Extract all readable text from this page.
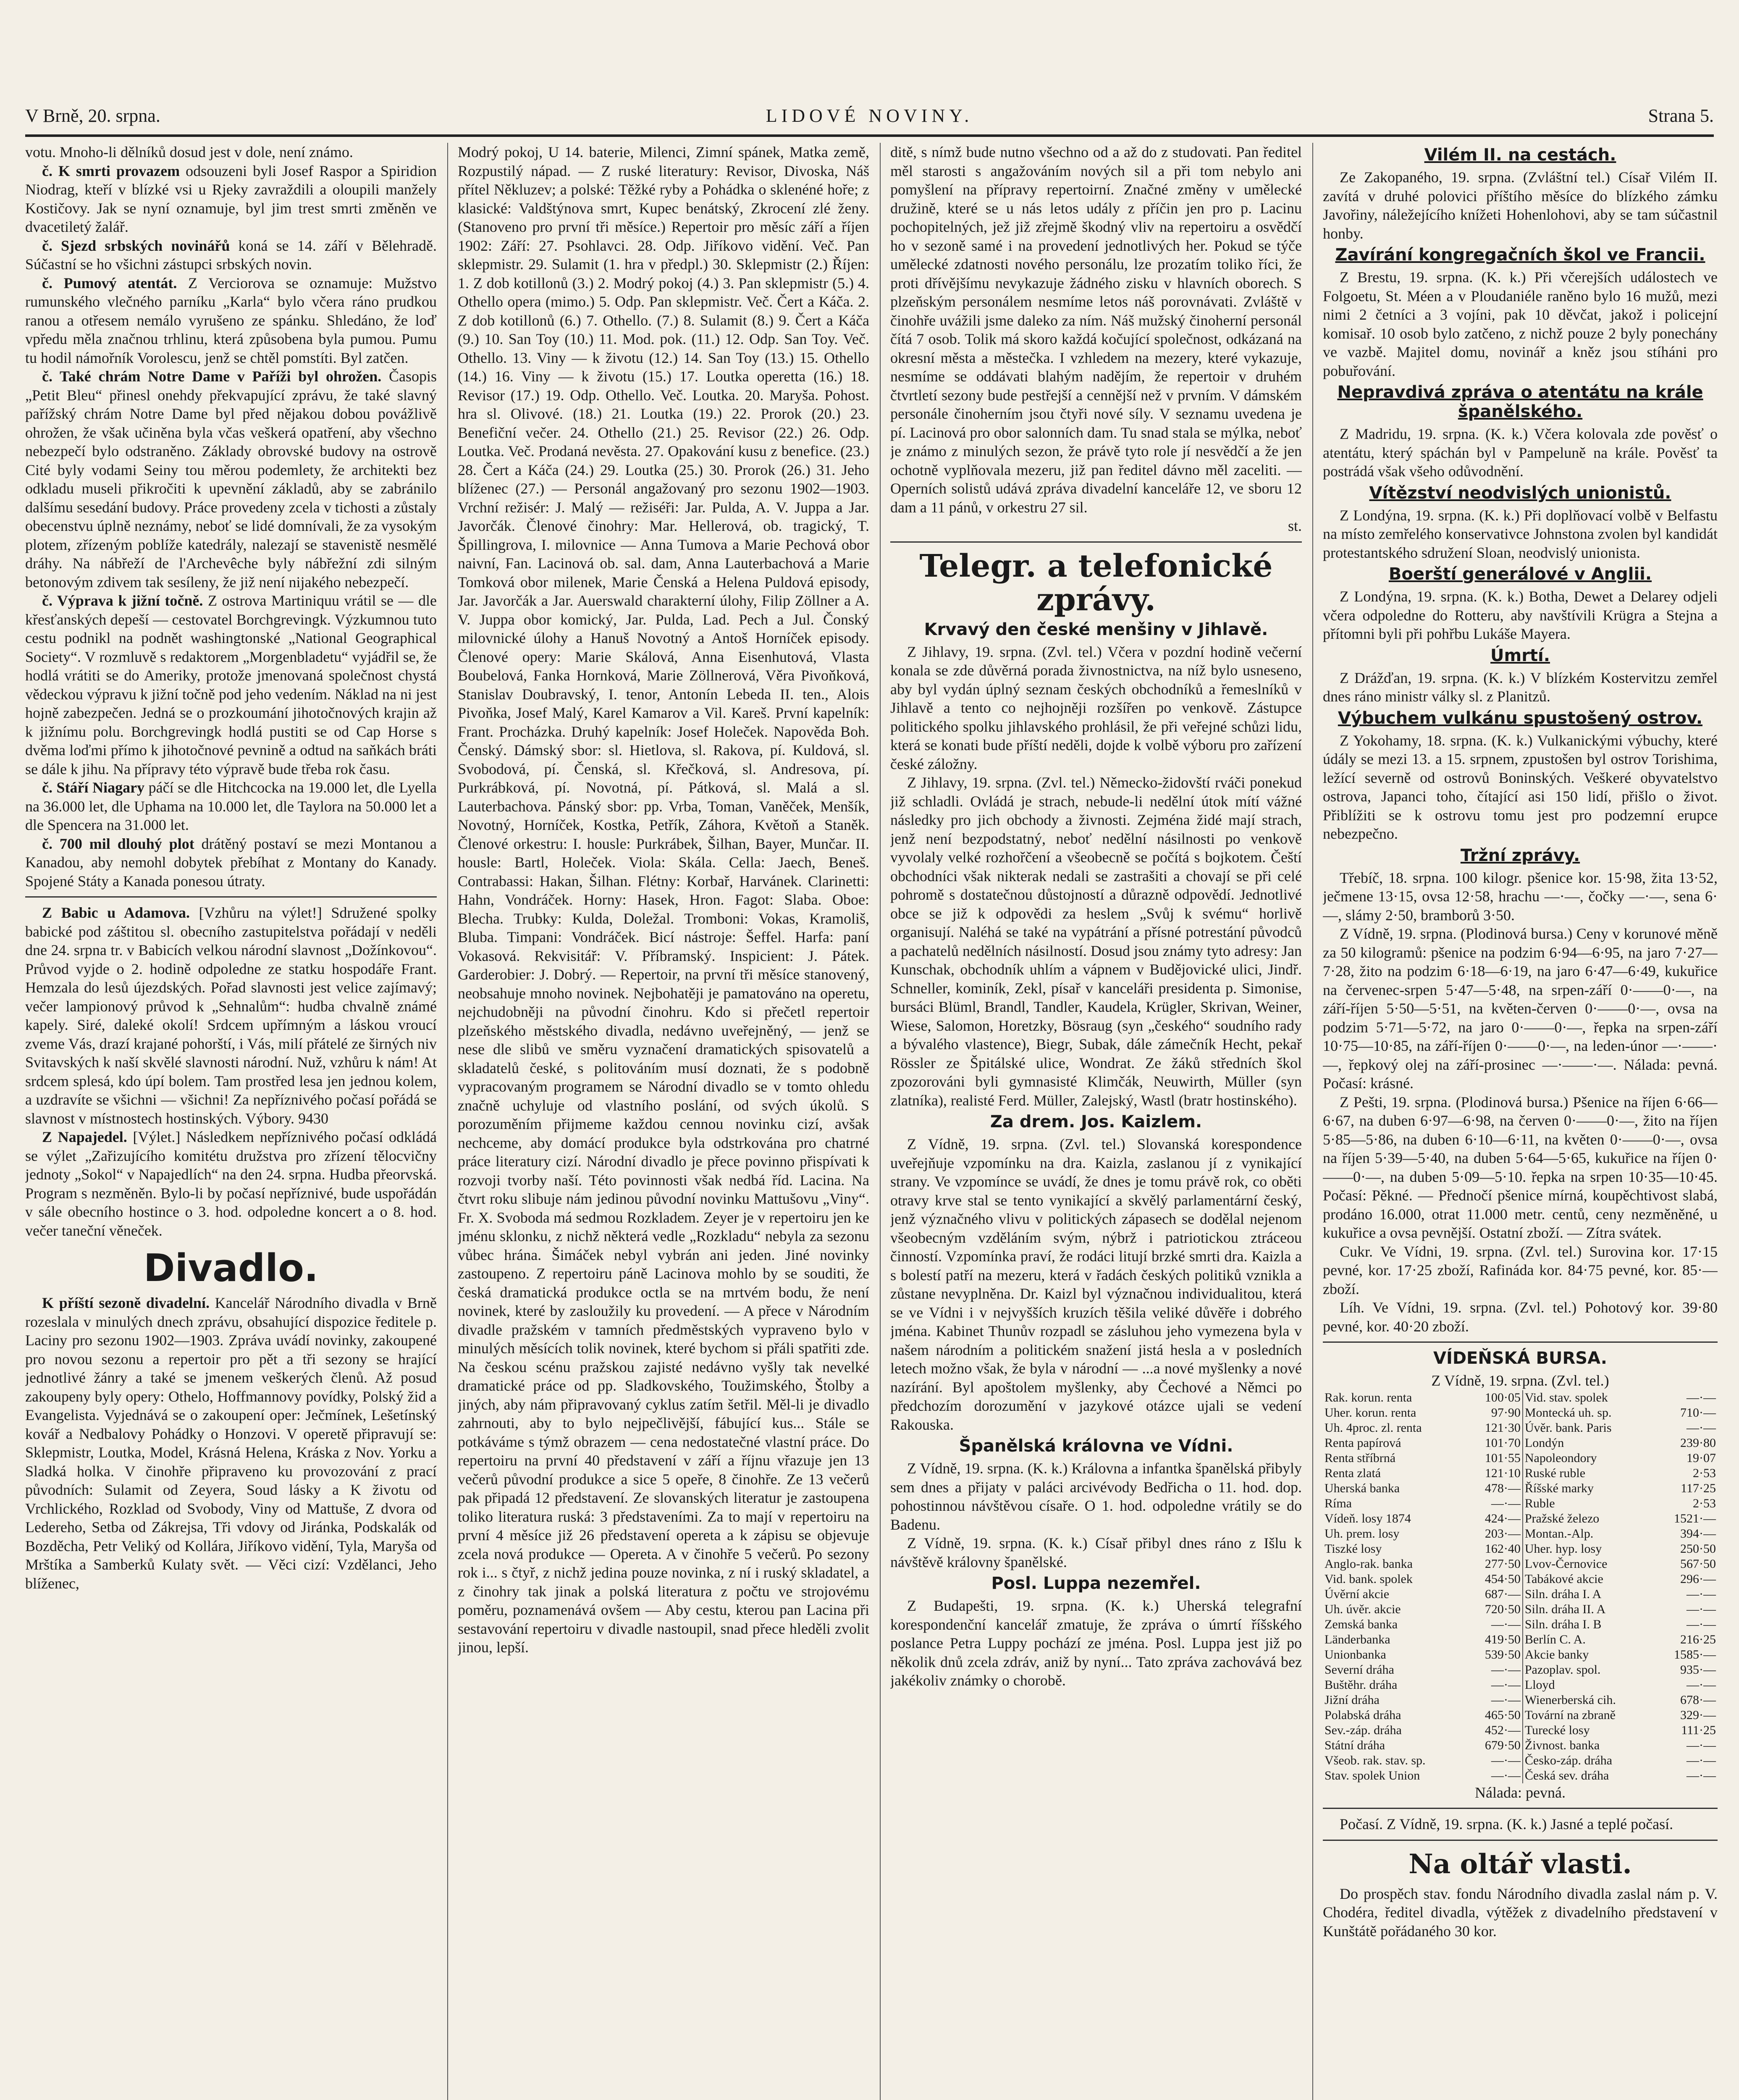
V Brně, 20. srpna.	LIDOVÉ NOVINY.	Strana 5.

votu. Mnoho-li dělníků dosud jest v dole, není známo.

č. K smrti provazem odsouzeni byli Josef Raspor a Spiridion Niodrag, kteří v blízké vsi u Rjeky zavraždili a oloupili manžely Kostičovy. Jak se nyní oznamuje, byl jim trest smrti změněn ve dvacetiletý žalář.

č. Sjezd srbských novinářů koná se 14. září v Bělehradě. Súčastní se ho všichni zástupci srbských novin.

č. Pumový atentát. Z Verciorova se oznamuje: Mužstvo rumunského vlečného parníku „Karla“ bylo včera ráno prudkou ranou a otřesem nemálo vyrušeno ze spánku. Shledáno, že loď vpředu měla značnou trhlinu, která způsobena byla pumou. Pumu tu hodil námořník Vorolescu, jenž se chtěl pomstíti. Byl zatčen.

č. Také chrám Notre Dame v Paříži byl ohrožen. Časopis „Petit Bleu“ přinesl onehdy překvapující zprávu, že také slavný pařížský chrám Notre Dame byl před nějakou dobou povážlivě ohrožen, že však učiněna byla včas veškerá opatření, aby všechno nebezpečí bylo odstraněno. Základy obrovské budovy na ostrově Cité byly vodami Seiny tou měrou podemlety, že architekti bez odkladu museli přikročiti k upevnění základů, aby se zabránilo dalšímu sesedání budovy. Práce provedeny zcela v tichosti a zůstaly obecenstvu úplně neznámy, neboť se lidé domnívali, že za vysokým plotem, zřízeným poblíže katedrály, nalezají se stavenistě nesmělé dráhy. Na nábřeží de l'Archevêche byly nábřežní zdi silným betonovým zdivem tak sesíleny, že již není nijakého nebezpečí.

č. Výprava k jižní točně. Z ostrova Martiniquu vrátil se — dle křesťanských depeší — cestovatel Borchgrevingk. Výzkumnou tuto cestu podnikl na podnět washingtonské „National Geographical Society“. V rozmluvě s redaktorem „Morgenbladetu“ vyjádřil se, že hodlá vrátiti se do Ameriky, protože jmenovaná společnost chystá vědeckou výpravu k jižní točně pod jeho vedením. Náklad na ni jest hojně zabezpečen. Jedná se o prozkoumání jihotočnových krajin až k jižnímu polu. Borchgrevingk hodlá pustiti se od Cap Horse s dvěma loďmi přímo k jihotočnové pevnině a odtud na saňkách bráti se dále k jihu. Na přípravy této výpravě bude třeba rok času.

č. Stáří Niagary páčí se dle Hitchcocka na 19.000 let, dle Lyella na 36.000 let, dle Uphama na 10.000 let, dle Taylora na 50.000 let a dle Spencera na 31.000 let.

č. 700 mil dlouhý plot drátěný postaví se mezi Montanou a Kanadou, aby nemohl dobytek přebíhat z Montany do Kanady. Spojené Státy a Kanada ponesou útraty.

Z Babic u Adamova. [Vzhůru na výlet!] Sdružené spolky babické pod záštitou sl. obecního zastupitelstva pořádají v neděli dne 24. srpna tr. v Babicích velkou národní slavnost „Dožínkovou“. Průvod vyjde o 2. hodině odpoledne ze statku hospodáře Frant. Hemzala do lesů újezdských. Pořad slavnosti jest velice zajímavý; večer lampionový průvod k „Sehnalům“: hudba chvalně známé kapely. Siré, daleké okolí! Srdcem upřímným a láskou vroucí zveme Vás, drazí krajané pohorští, i Vás, milí přátelé ze širných niv Svitavských k naší skvělé slavnosti národní. Nuž, vzhůru k nám! At srdcem splesá, kdo úpí bolem. Tam prostřed lesa jen jednou kolem, a uzdravíte se všichni — všichni! Za nepříznivého počasí pořádá se slavnost v místnostech hostinských. Výbory. 9430

Z Napajedel. [Výlet.] Následkem nepříznivého počasí odkládá se výlet „Zařizujícího komitétu družstva pro zřízení tělocvičny jednoty „Sokol“ v Napajedlích“ na den 24. srpna. Hudba přeorvská. Program s nezměněn. Bylo-li by počasí nepříznivé, bude uspořádán v sále obecního hostince o 3. hod. odpoledne koncert a o 8. hod. večer taneční věneček.

Divadlo.

K příští sezoně divadelní. Kancelář Národního divadla v Brně rozeslala v minulých dnech zprávu, obsahující dispozice ředitele p. Laciny pro sezonu 1902—1903. Zpráva uvádí novinky, zakoupené pro novou sezonu a repertoir pro pět a tři sezony se hrající jednotlivé žánry a také se jmenem veškerých členů. Až posud zakoupeny byly opery: Othelo, Hoffmannovy povídky, Polský žid a Evangelista. Vyjednává se o zakoupení oper: Ječmínek, Lešetínský kovář a Nedbalovy Pohádky o Honzovi. V operetě připravují se: Sklepmistr, Loutka, Model, Krásná Helena, Kráska z Nov. Yorku a Sladká holka. V činohře připraveno ku provozování z prací původních: Sulamit od Zeyera, Soud lásky a K životu od Vrchlického, Rozklad od Svobody, Viny od Mattuše, Z dvora od Ledereho, Setba od Zákrejsa, Tři vdovy od Jiránka, Podskalák od Bozděcha, Petr Veliký od Kollára, Jiříkovo vidění, Tyla, Maryša od Mrštíka a Samberků Kulaty svět. — Věci cizí: Vzdělanci, Jeho blíženec,

Modrý pokoj, U 14. baterie, Milenci, Zimní spánek, Matka země, Rozpustilý nápad. — Z ruské literatury: Revisor, Divoska, Náš přítel Někluzev; a polské: Těžké ryby a Pohádka o sklenéné hoře; z klasické: Valdštýnova smrt, Kupec benátský, Zkrocení zlé ženy. (Stanoveno pro první tři měsíce.) Repertoir pro měsíc září a říjen 1902: Září: 27. Psohlavci. 28. Odp. Jiříkovo vidění. Več. Pan sklepmistr. 29. Sulamit (1. hra v předpl.) 30. Sklepmistr (2.) Říjen: 1. Z dob kotillonů (3.) 2. Modrý pokoj (4.) 3. Pan sklepmistr (5.) 4. Othello opera (mimo.) 5. Odp. Pan sklepmistr. Več. Čert a Káča. 2. Z dob kotillonů (6.) 7. Othello. (7.) 8. Sulamit (8.) 9. Čert a Káča (9.) 10. San Toy (10.) 11. Mod. pok. (11.) 12. Odp. San Toy. Več. Othello. 13. Viny — k životu (12.) 14. San Toy (13.) 15. Othello (14.) 16. Viny — k životu (15.) 17. Loutka operetta (16.) 18. Revisor (17.) 19. Odp. Othello. Več. Loutka. 20. Maryša. Pohost. hra sl. Olivové. (18.) 21. Loutka (19.) 22. Prorok (20.) 23. Benefiční večer. 24. Othello (21.) 25. Revisor (22.) 26. Odp. Loutka. Več. Prodaná nevěsta. 27. Opakování kusu z benefice. (23.) 28. Čert a Káča (24.) 29. Loutka (25.) 30. Prorok (26.) 31. Jeho blíženec (27.) — Personál angažovaný pro sezonu 1902—1903. Vrchní režisér: J. Malý — režiséři: Jar. Pulda, A. V. Juppa a Jar. Javorčák. Členové činohry: Mar. Hellerová, ob. tragický, T. Špillingrova, I. milovnice — Anna Tumova a Marie Pechová obor naivní, Fan. Lacinová ob. sal. dam, Anna Lauterbachová a Marie Tomková obor milenek, Marie Čenská a Helena Puldová episody, Jar. Javorčák a Jar. Auerswald charakterní úlohy, Filip Zöllner a A. V. Juppa obor komický, Jar. Pulda, Lad. Pech a Jul. Čonský milovnické úlohy a Hanuš Novotný a Antoš Horníček episody. Členové opery: Marie Skálová, Anna Eisenhutová, Vlasta Boubelová, Fanka Hornková, Marie Zöllnerová, Věra Pivoňková, Stanislav Doubravský, I. tenor, Antonín Lebeda II. ten., Alois Pivoňka, Josef Malý, Karel Kamarov a Vil. Kareš. První kapelník: Frant. Procházka. Druhý kapelník: Josef Holeček. Napověda Boh. Čenský. Dámský sbor: sl. Hietlova, sl. Rakova, pí. Kuldová, sl. Svobodová, pí. Čenská, sl. Křečková, sl. Andresova, pí. Purkrábková, pí. Novotná, pí. Pátková, sl. Malá a sl. Lauterbachova. Pánský sbor: pp. Vrba, Toman, Vaněček, Menšík, Novotný, Horníček, Kostka, Petřík, Záhora, Květoň a Staněk. Členové orkestru: I. housle: Purkrábek, Šilhan, Bayer, Munčar. II. housle: Bartl, Holeček. Viola: Skála. Cella: Jaech, Beneš. Contrabassi: Hakan, Šilhan. Flétny: Korbař, Harvánek. Clarinetti: Hahn, Vondráček. Horny: Hasek, Hron. Fagot: Slaba. Oboe: Blecha. Trubky: Kulda, Doležal. Tromboni: Vokas, Kramoliš, Bluba. Timpani: Vondráček. Bicí nástroje: Šeffel. Harfa: paní Vokasová. Rekvisitář: V. Příbramský. Inspicient: J. Pátek. Garderobier: J. Dobrý. — Repertoir, na první tři měsíce stanovený, neobsahuje mnoho novinek. Nejbohatěji je pamatováno na operetu, nejchudobněji na původní činohru. Kdo si přečetl repertoir plzeňského městského divadla, nedávno uveřejněný, — jenž se nese dle slibů ve směru vyznačení dramatických spisovatelů a skladatelů české, s politováním musí doznati, že s podobně vypracovaným programem se Národní divadlo se v tomto ohledu značně uchyluje od vlastního poslání, od svých úkolů. S porozuměním přijmeme každou cennou novinku cizí, avšak nechceme, aby domácí produkce byla odstrkována pro chatrné práce literatury cizí. Národní divadlo je přece povinno přispívati k rozvoji tvorby naší. Této povinnosti však nedbá říd. Lacina. Na čtvrt roku slibuje nám jedinou původní novinku Mattušovu „Viny“. Fr. X. Svoboda má sedmou Rozkladem. Zeyer je v repertoiru jen ke jménu sklonku, z nichž některá vedle „Rozkladu“ nebyla za sezonu vůbec hrána. Šimáček nebyl vybrán ani jeden. Jiné novinky zastoupeno. Z repertoiru páně Lacinova mohlo by se souditi, že česká dramatická produkce octla se na mrtvém bodu, že není novinek, které by zasloužily ku provedení. — A přece v Národním divadle pražském v tamních předměstských vypraveno bylo v minulých měsících tolik novinek, které bychom si přáli spatřiti zde. Na českou scénu pražskou zajisté nedávno vyšly tak nevelké dramatické práce od pp. Sladkovského, Toužimského, Štolby a jiných, aby nám připravovaný cyklus zatím šetřil. Měl-li je divadlo zahrnouti, aby to bylo nejpečlivější, fábující kus... Stále se potkáváme s týmž obrazem — cena nedostatečné vlastní práce. Do repertoiru na první 40 představení v září a říjnu vřazuje jen 13 večerů původní produkce a sice 5 opeře, 8 činohře. Ze 13 večerů pak připadá 12 představení. Ze slovanských literatur je zastoupena toliko literatura ruská: 3 představeními. Za to mají v repertoiru na první 4 měsíce již 26 představení opereta a k zápisu se objevuje zcela nová produkce — Opereta. A v činohře 5 večerů. Po sezony rok i... s čtyř, z nichž jedina pouze novinka, z ní i ruský skladatel, a z činohry tak jinak a polská literatura z počtu ve strojovému poměru, poznamenává ovšem — Aby cestu, kterou pan Lacina při sestavování repertoiru v divadle nastoupil, snad přece hleděli zvolit jinou, lepší.

ditě, s nímž bude nutno všechno od a až do z studovati. Pan ředitel měl starosti s angažováním nových sil a při tom nebylo ani pomyšlení na přípravy repertoirní. Značné změny v umělecké družině, které se u nás letos udály z příčin jen pro p. Lacinu pochopitelných, jež již zřejmě škodný vliv na repertoiru a osvědčí ho v sezoně samé i na provedení jednotlivých her. Pokud se týče umělecké zdatnosti nového personálu, lze prozatím toliko říci, že proti dřívějšímu nevykazuje žádného zisku v hlavních oborech. S plzeňským personálem nesmíme letos náš porovnávati. Zvláště v činohře uvážili jsme daleko za ním. Náš mužský činoherní personál čítá 7 osob. Tolik má skoro každá kočující společnost, odkázaná na okresní města a městečka. I vzhledem na mezery, které vykazuje, nesmíme se oddávati blahým nadějím, že repertoir v druhém čtvrtletí sezony bude pestřejší a cennější než v prvním. V dámském personále činoherním jsou čtyři nové síly. V seznamu uvedena je pí. Lacinová pro obor salonních dam. Tu snad stala se mýlka, neboť je známo z minulých sezon, že právě tyto role jí nesvědčí a že jen ochotně vyplňovala mezeru, již pan ředitel dávno měl zaceliti. — Operních solistů udává zpráva divadelní kanceláře 12, ve sboru 12 dam a 11 pánů, v orkestru 27 sil.

st.
Telegr. a telefonické zprávy.
Krvavý den české menšiny v Jihlavě.

Z Jihlavy, 19. srpna. (Zvl. tel.) Včera v pozdní hodině večerní konala se zde důvěrná porada živnostnictva, na níž bylo usneseno, aby byl vydán úplný seznam českých obchodníků a řemeslníků v Jihlavě a tento co nejhojněji rozšířen po venkově. Zástupce politického spolku jihlavského prohlásil, že při veřejné schůzi lidu, která se konati bude příští neděli, dojde k volbě výboru pro zařízení české záložny.

Z Jihlavy, 19. srpna. (Zvl. tel.) Německo-židovští rváči ponekud již schladli. Ovládá je strach, nebude-li nedělní útok mítí vážné následky pro jich obchody a živnosti. Zejména židé mají strach, jenž není bezpodstatný, neboť nedělní násilnosti po venkově vyvolaly velké rozhořčení a všeobecně se počítá s bojkotem. Čeští obchodníci však nikterak nedali se zastrašiti a chovají se při celé pohromě s dostatečnou důstojností a důrazně odpovědí. Jednotlivé obce se již k odpovědi za heslem „Svůj k svému“ horlivě organisují. Naléhá se také na vypátrání a přísné potrestání původců a pachatelů nedělních násilností. Dosud jsou známy tyto adresy: Jan Kunschak, obchodník uhlím a vápnem v Budějovické ulici, Jindř. Schneller, kominík, Zekl, písař v kanceláři presidenta p. Simonise, bursáci Blüml, Brandl, Tandler, Kaudela, Krügler, Skrivan, Weiner, Wiese, Salomon, Horetzky, Bösraug (syn „českého“ soudního rady a bývalého vlastence), Biegr, Subak, dále zámečník Hecht, pekař Rössler ze Špitálské ulice, Wondrat. Ze žáků středních škol zpozorováni byli gymnasisté Klimčák, Neuwirth, Müller (syn zlatníka), realisté Ferd. Müller, Zalejský, Wastl (bratr hostinského).

Za drem. Jos. Kaizlem.

Z Vídně, 19. srpna. (Zvl. tel.) Slovanská korespondence uveřejňuje vzpomínku na dra. Kaizla, zaslanou jí z vynikající strany. Ve vzpomínce se uvádí, že dnes je tomu právě rok, co oběti otravy krve stal se tento vynikající a skvělý parlamentární český, jenž význačného vlivu v politických zápasech se dodělal nejenom všeobecným vzděláním svým, nýbrž i patriotickou ztráceou činností. Vzpomínka praví, že rodáci litují brzké smrti dra. Kaizla a s bolestí patří na mezeru, která v řadách českých politiků vznikla a zůstane nevyplněna. Dr. Kaizl byl význačnou individualitou, která se ve Vídni i v nejvyšších kruzích těšila veliké důvěře i dobrého jména. Kabinet Thunův rozpadl se zásluhou jeho vymezena byla v našem národním a politickém snažení jistá hesla a v posledních letech možno však, že byla v národní — ...a nové myšlenky a nové nazírání. Byl apoštolem myšlenky, aby Čechové a Němci po předchozím dorozumění v jazykové otázce ujali se vedení Rakouska.

Španělská královna ve Vídni.

Z Vídně, 19. srpna. (K. k.) Královna a infantka španělská přibyly sem dnes a přijaty v paláci arcivévody Bedřicha o 11. hod. dop. pohostinnou návštěvou císaře. O 1. hod. odpoledne vrátily se do Badenu.

Z Vídně, 19. srpna. (K. k.) Císař přibyl dnes ráno z Išlu k návštěvě královny španělské.

Posl. Luppa nezemřel.

Z Budapešti, 19. srpna. (K. k.) Uherská telegrafní korespondenční kancelář zmatuje, že zpráva o úmrtí říšského poslance Petra Luppy pochází ze jména. Posl. Luppa jest již po několik dnů zcela zdráv, aniž by nyní... Tato zpráva zachovává bez jakékoliv známky o chorobě.

Vilém II. na cestách.

Ze Zakopaného, 19. srpna. (Zvláštní tel.) Císař Vilém II. zavítá v druhé polovici příštího měsíce do blízkého zámku Javořiny, náležejícího knížeti Hohenlohovi, aby se tam súčastnil honby.

Zavírání kongregačních škol ve Francii.

Z Brestu, 19. srpna. (K. k.) Při včerejších událostech ve Folgoetu, St. Méen a v Ploudaniéle raněno bylo 16 mužů, mezi nimi 2 četníci a 3 vojíni, pak 10 děvčat, jakož i policejní komisař. 10 osob bylo zatčeno, z nichž pouze 2 byly ponechány ve vazbě. Majitel domu, novinář a kněz jsou stíháni pro pobuřování.

Nepravdivá zpráva o atentátu na krále španělského.

Z Madridu, 19. srpna. (K. k.) Včera kolovala zde pověsť o atentátu, který spáchán byl v Pampeluně na krále. Pověsť ta postrádá však všeho odůvodnění.

Vítězství neodvislých unionistů.

Z Londýna, 19. srpna. (K. k.) Při doplňovací volbě v Belfastu na místo zemřelého konservativce Johnstona zvolen byl kandidát protestantského sdružení Sloan, neodvislý unionista.

Boerští generálové v Anglii.

Z Londýna, 19. srpna. (K. k.) Botha, Dewet a Delarey odjeli včera odpoledne do Rotteru, aby navštívili Krügra a Stejna a přítomni byli při pohřbu Lukáše Mayera.

Úmrtí.

Z Drážďan, 19. srpna. (K. k.) V blízkém Kostervitzu zemřel dnes ráno ministr války sl. z Planitzů.

Výbuchem vulkánu spustošený ostrov.

Z Yokohamy, 18. srpna. (K. k.) Vulkanickými výbuchy, které údály se mezi 13. a 15. srpnem, zpustošen byl ostrov Torishima, ležící severně od ostrovů Boninských. Veškeré obyvatelstvo ostrova, Japanci toho, čítající asi 150 lidí, přišlo o život. Přiblížiti se k ostrovu tomu jest pro podzemní erupce nebezpečno.

Tržní zprávy.

Třebíč, 18. srpna. 100 kilogr. pšenice kor. 15·98, žita 13·52, ječmene 13·15, ovsa 12·58, hrachu —·—, čočky —·—, sena 6·—, slámy 2·50, bramborů 3·50.

Z Vídně, 19. srpna. (Plodinová bursa.) Ceny v korunové měně za 50 kilogramů: pšenice na podzim 6·94—6·95, na jaro 7·27—7·28, žito na podzim 6·18—6·19, na jaro 6·47—6·49, kukuřice na červenec-srpen 5·47—5·48, na srpen-září 0·——0·—, na září-říjen 5·50—5·51, na květen-červen 0·——0·—, ovsa na podzim 5·71—5·72, na jaro 0·——0·—, řepka na srpen-září 10·75—10·85, na září-říjen 0·——0·—, na leden-únor —·——·—, řepkový olej na září-prosinec —·——·—. Nálada: pevná. Počasí: krásné.

Z Pešti, 19. srpna. (Plodinová bursa.) Pšenice na říjen 6·66—6·67, na duben 6·97—6·98, na červen 0·——0·—, žito na říjen 5·85—5·86, na duben 6·10—6·11, na květen 0·——0·—, ovsa na říjen 5·39—5·40, na duben 5·64—5·65, kukuřice na říjen 0·——0·—, na duben 5·09—5·10. řepka na srpen 10·35—10·45. Počasí: Pěkné. — Přednočí pšenice mírná, koupěchtivost slabá, prodáno 16.000, otrat 11.000 metr. centů, ceny nezměněné, u kukuřice a ovsa pevnější. Ostatní zboží. — Zítra svátek.

Cukr. Ve Vídni, 19. srpna. (Zvl. tel.) Surovina kor. 17·15 pevné, kor. 17·25 zboží, Rafináda kor. 84·75 pevné, kor. 85·— zboží.

Líh. Ve Vídni, 19. srpna. (Zvl. tel.) Pohotový kor. 39·80 pevné, kor. 40·20 zboží.

VÍDEŇSKÁ BURSA.
Z Vídně, 19. srpna. (Zvl. tel.)
Rak. korun. renta	100·05	Vid. stav. spolek	—·—
Uher. korun. renta	97·90	Montecká uh. sp.	710·—
Uh. 4proc. zl. renta	121·30	Úvěr. bank. Paris	—·—
Renta papírová	101·70	Londýn	239·80
Renta stříbrná	101·55	Napoleondory	19·07
Renta zlatá	121·10	Ruské ruble	2·53
Uherská banka	478·—	Říšské marky	117·25
Ríma	—·—	Ruble	2·53
Vídeň. losy 1874	424·—	Pražské železo	1521·—
Uh. prem. losy	203·—	Montan.-Alp.	394·—
Tiszké losy	162·40	Uher. hyp. losy	250·50
Anglo-rak. banka	277·50	Lvov-Černovice	567·50
Vid. bank. spolek	454·50	Tabákové akcie	296·—
Úvěrní akcie	687·—	Siln. dráha I. A	—·—
Uh. úvěr. akcie	720·50	Siln. dráha II. A	—·—
Zemská banka	—·—	Siln. dráha I. B	—·—
Länderbanka	419·50	Berlín C. A.	216·25
Unionbanka	539·50	Akcie banky	1585·—
Severní dráha	—·—	Pazoplav. spol.	935·—
Buštěhr. dráha	—·—	Lloyd	—·—
Jižní dráha	—·—	Wienerberská cih.	678·—
Polabská dráha	465·50	Tovární na zbraně	329·—
Sev.-záp. dráha	452·—	Turecké losy	111·25
Státní dráha	679·50	Živnost. banka	—·—
Všeob. rak. stav. sp.	—·—	Česko-záp. dráha	—·—
Stav. spolek Union	—·—	Česká sev. dráha	—·—
Nálada: pevná.

Počasí. Z Vídně, 19. srpna. (K. k.) Jasné a teplé počasí.

Na oltář vlasti.

Do prospěch stav. fondu Národního divadla zaslal nám p. V. Chodéra, ředitel divadla, výtěžek z divadelního představení v Kunštátě pořádaného 30 kor.
